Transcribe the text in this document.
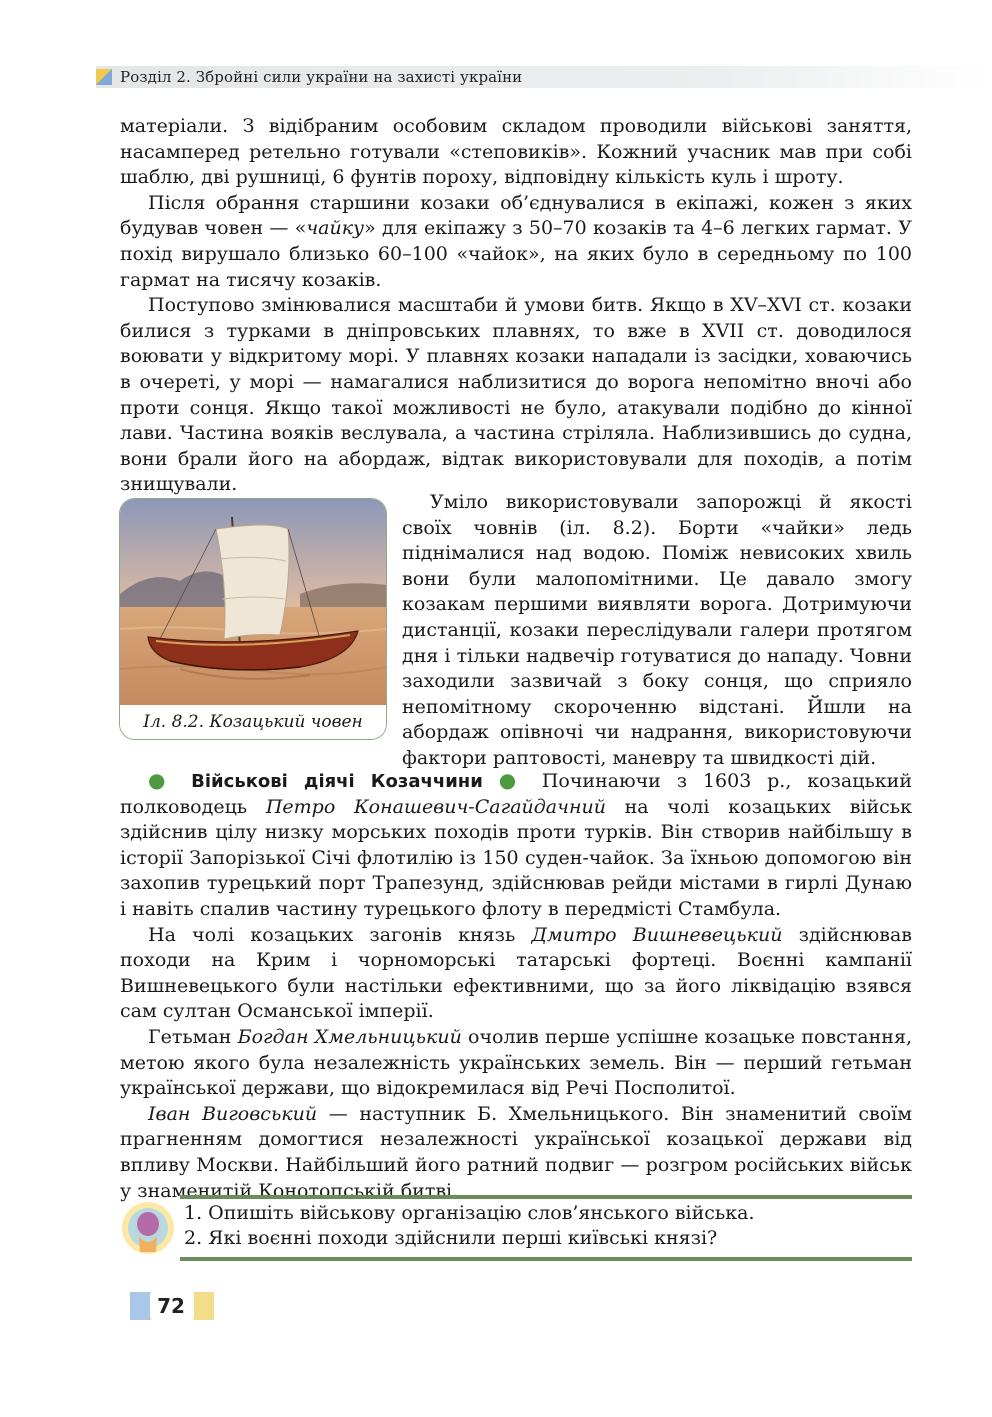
Розділ 2. Збройні сили україни на захисті україни

матеріали. З відібраним особовим складом проводили військові заняття, насамперед ретельно готували «степовиків». Кожний учасник мав при собі шаблю, дві рушниці, 6 фунтів пороху, відповідну кількість куль і шроту.

Після обрання старшини козаки об’єднувалися в екіпажі, кожен з яких будував човен — «чайку» для екіпажу з 50–70 козаків та 4–6 легких гармат. У похід вирушало близько 60–100 «чайок», на яких було в середньому по 100 гармат на тисячу козаків.

Поступово змінювалися масштаби й умови битв. Якщо в XV–XVI ст. козаки билися з турками в дніпровських плавнях, то вже в XVII ст. доводилося воювати у відкритому морі. У плавнях козаки нападали із засідки, ховаючись в очереті, у морі — намагалися наблизитися до ворога непомітно вночі або проти сонця. Якщо такої можливості не було, атакували подібно до кінної лави. Частина вояків веслувала, а частина стріляла. Наблизившись до судна, вони брали його на абордаж, відтак використовували для походів, а потім знищували.

Іл. 8.2. Козацький човен

Уміло використовували запорожці й якості своїх човнів (іл. 8.2). Борти «чайки» ледь піднімалися над водою. Поміж невисоких хвиль вони були малопомітними. Це давало змогу козакам першими виявляти ворога. Дотримуючи дистанції, козаки переслідували галери протягом дня і тільки надвечір готуватися до нападу. Човни заходили зазвичай з боку сонця, що сприяло непомітному скороченню відстані. Йшли на абордаж опівночі чи надрання, використовуючи фактори раптовості, маневру та швидкості дій.

● Військові діячі Козаччини ● Починаючи з 1603 р., козацький полководець Петро Конашевич-Сагайдачний на чолі козацьких військ здійснив цілу низку морських походів проти турків. Він створив найбільшу в історії Запорізької Січі флотилію із 150 суден-чайок. За їхньою допомогою він захопив турецький порт Трапезунд, здійснював рейди містами в гирлі Дунаю і навіть спалив частину турецького флоту в передмісті Стамбула.

На чолі козацьких загонів князь Дмитро Вишневецький здійснював походи на Крим і чорноморські татарські фортеці. Воєнні кампанії Вишневецького були настільки ефективними, що за його ліквідацію взявся сам султан Османської імперії.

Гетьман Богдан Хмельницький очолив перше успішне козацьке повстання, метою якого була незалежність українських земель. Він — перший гетьман української держави, що відокремилася від Речі Посполитої.

Іван Виговський — наступник Б. Хмельницького. Він знаменитий своїм прагненням домогтися незалежності української козацької держави від впливу Москви. Найбільший його ратний подвиг — розгром російських військ у знаменитій Конотопській битві.

1. Опишіть військову організацію слов’янського війська.
2. Які воєнні походи здійснили перші київські князі?
72
